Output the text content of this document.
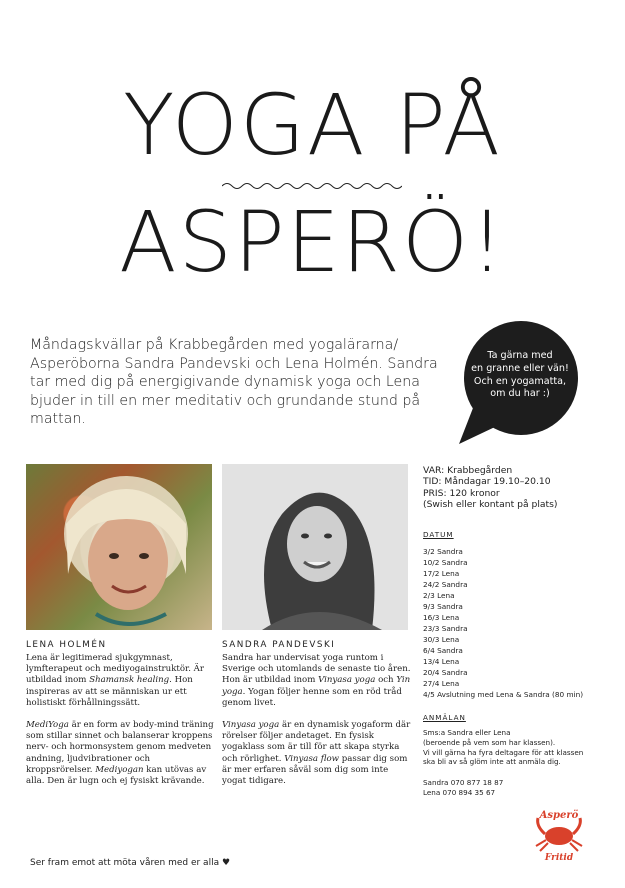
YOGA PÅ
ASPERÖ!

Måndagskvällar på Krabbegården med yogalärarna/ Asperöborna Sandra Pandevski och Lena Holmén. Sandra tar med dig på energigivande dynamisk yoga och Lena bjuder in till en mer meditativ och grundande stund på mattan.

Ta gärna med
en granne eller vän!
Och en yogamatta,
om du har :)
LENA HOLMÉN

Lena är legitimerad sjukgymnast, lymfterapeut och mediyogainstruktör. Är utbildad inom Shamansk healing. Hon inspireras av att se människan ur ett holistiskt förhållningssätt.

MediYoga är en form av body-mind träning som stillar sinnet och balanserar kroppens nerv- och hormonsystem genom medveten andning, ljudvibrationer och kroppsrörelser. Mediyogan kan utövas av alla. Den är lugn och ej fysiskt krävande.

SANDRA PANDEVSKI

Sandra har undervisat yoga runtom i Sverige och utomlands de senaste tio åren. Hon är utbildad inom Vinyasa yoga och Yin yoga. Yogan följer henne som en röd tråd genom livet.

Vinyasa yoga är en dynamisk yogaform där rörelser följer andetaget. En fysisk yogaklass som är till för att skapa styrka och rörlighet. Vinyasa flow passar dig som är mer erfaren såväl som dig som inte yogat tidigare.

VAR: Krabbegården
TID: Måndagar 19.10–20.10
PRIS: 120 kronor
(Swish eller kontant på plats)
DATUM
3/2 Sandra
10/2 Sandra
17/2 Lena
24/2 Sandra
2/3 Lena
9/3 Sandra
16/3 Lena
23/3 Sandra
30/3 Lena
6/4 Sandra
13/4 Lena
20/4 Sandra
27/4 Lena
4/5 Avslutning med Lena & Sandra (80 min)
ANMÄLAN
Sms:a Sandra eller Lena
(beroende på vem som har klassen).
Vi vill gärna ha fyra deltagare för att klassen
ska bli av så glöm inte att anmäla dig.
Sandra 070 877 18 87
Lena 070 894 35 67
Asperö
Fritid
Ser fram emot att möta våren med er alla ♥
